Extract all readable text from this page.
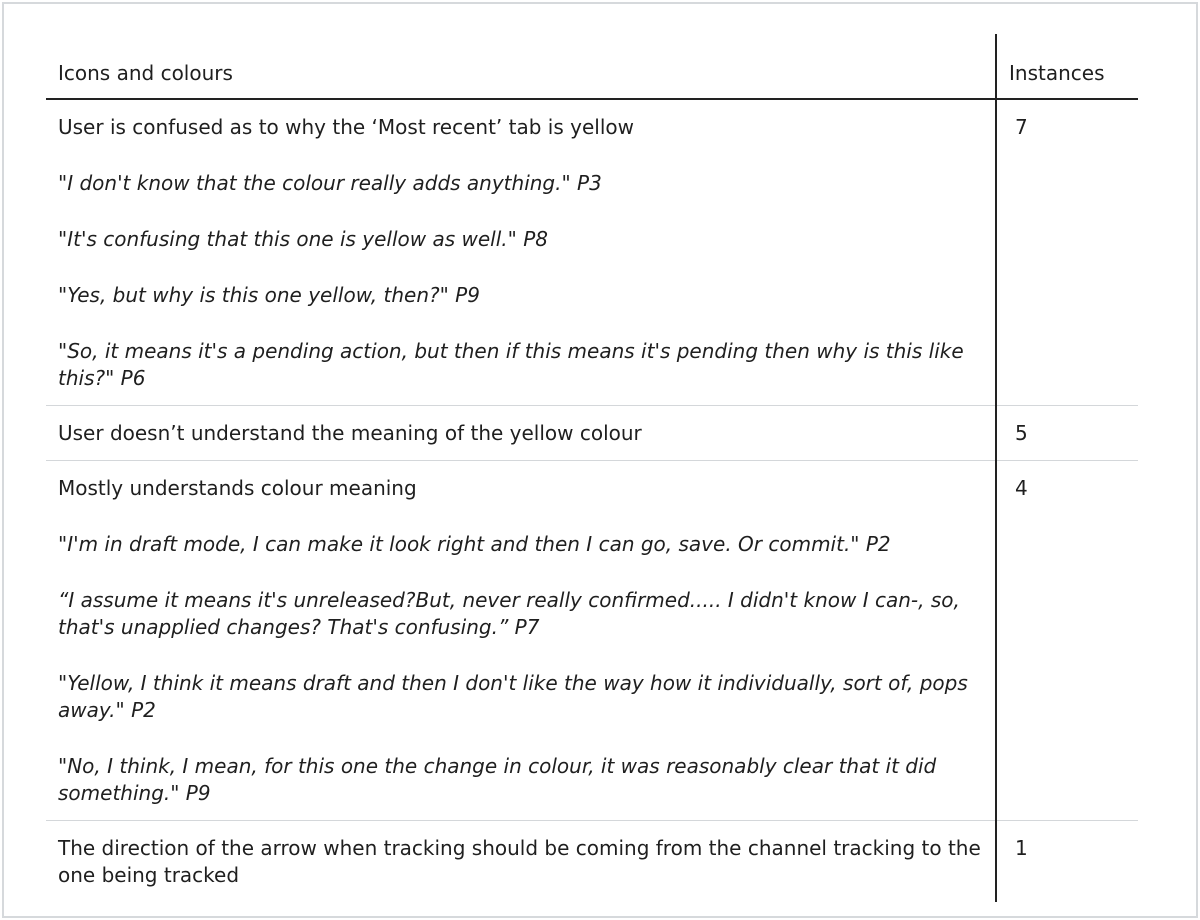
Icons and colours	Instances

User is confused as to why the ‘Most recent’ tab is yellow
"I don't know that the colour really adds anything." P3
"It's confusing that this one is yellow as well." P8
"Yes, but why is this one yellow, then?" P9
"So, it means it's a pending action, but then if this means it's pending then why is this like this?" P6	7

User doesn’t understand the meaning of the yellow colour	5

Mostly understands colour meaning
"I'm in draft mode, I can make it look right and then I can go, save. Or commit." P2
“I assume it means it's unreleased?But, never really confirmed..... I didn't know I can-, so, that's unapplied changes? That's confusing.” P7
"Yellow, I think it means draft and then I don't like the way how it individually, sort of, pops away." P2
"No, I think, I mean, for this one the change in colour, it was reasonably clear that it did something." P9	4

The direction of the arrow when tracking should be coming from the channel tracking to the one being tracked	1
